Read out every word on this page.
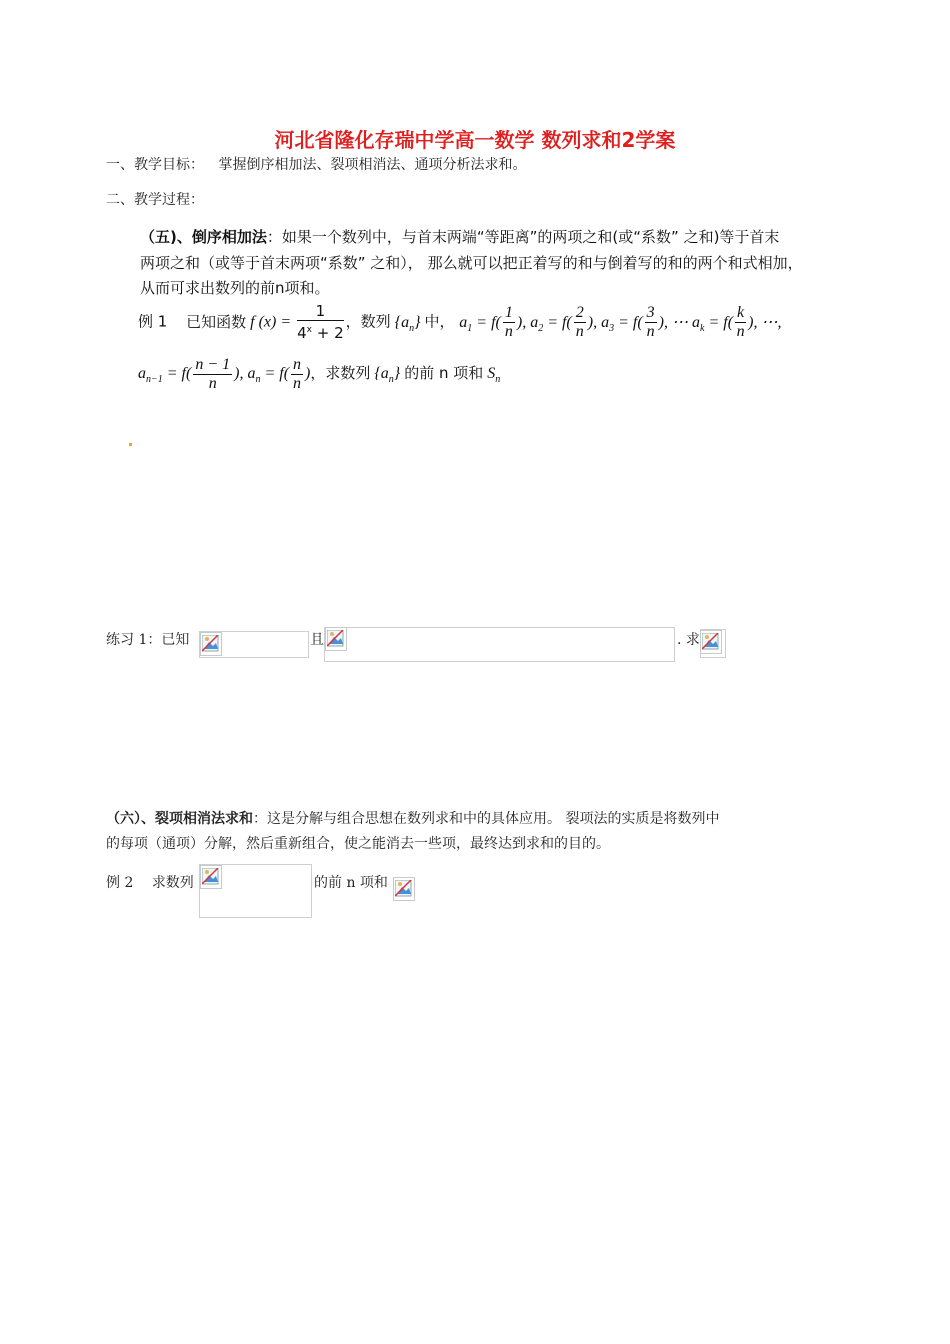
河北省隆化存瑞中学高一数学 数列求和2学案
一、教学目标： 掌握倒序相加法、裂项相消法、通项分析法求和。
二、教学过程：
（五)、倒序相加法：如果一个数列中，与首末两端“等距离”的两项之和(或“系数” 之和)等于首末
两项之和（或等于首末两项“系数” 之和）， 那么就可以把正着写的和与倒着写的和的两个和式相加，
从而可求出数列的前n项和。
例 1 已知函数 f $(x) = \frac{1}{4^x + 2}$ ，数列 $\{a_n\}$ 中， $a_1 = f( \frac{1}{n}$ ), $a_2 = f( \frac{2}{n}$ ), $a_3 = f( \frac{3}{n}$ ), ⋯ $a_k = f( \frac{k}{n}$ ), ⋯,
$a_{n-1} = f( \frac{n - 1}{n}$ ), $a_n = f( \frac{n}{n}$ )，求数列 $\{a_n\}$ 的前 n 项和 $S_n$
练习 1：已知	且	. 求
（六）、裂项相消法求和：这是分解与组合思想在数列求和中的具体应用。 裂项法的实质是将数列中
的每项（通项）分解，然后重新组合，使之能消去一些项，最终达到求和的目的。
例 2 求数列	的前 n 项和
